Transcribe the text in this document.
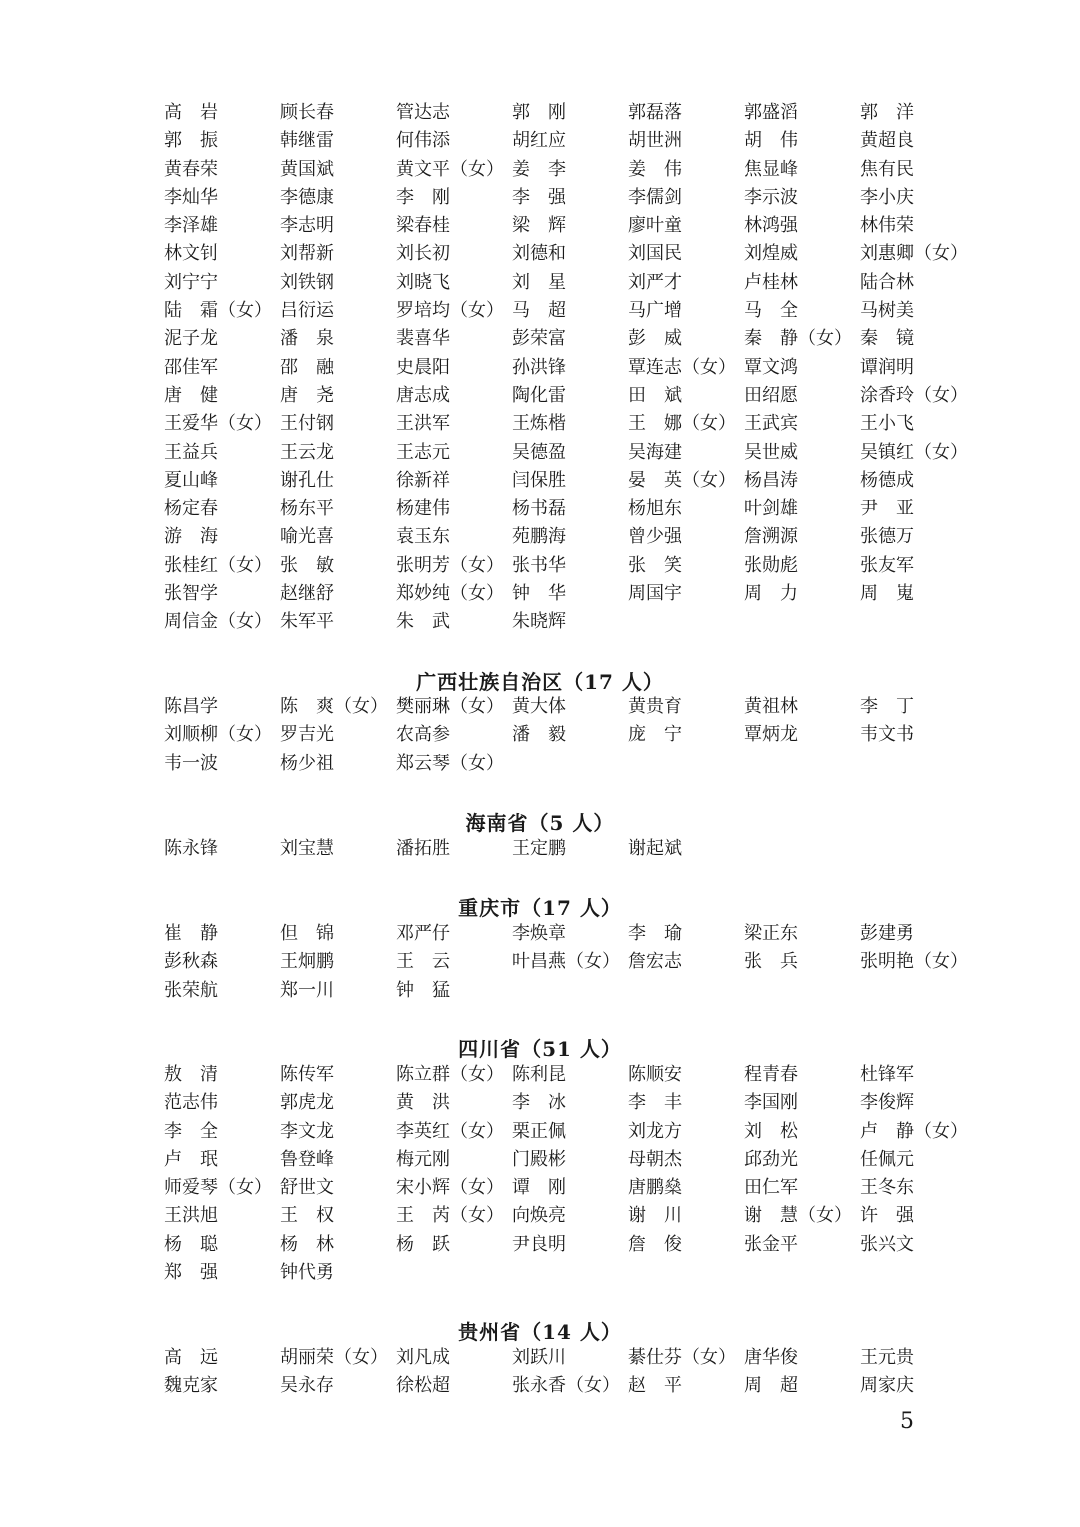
高　岩	顾长春	管达志	郭　刚	郭磊落	郭盛滔	郭　洋
郭　振	韩继雷	何伟添	胡红应	胡世洲	胡　伟	黄超良
黄春荣	黄国斌	黄文平（女） 姜　李	姜　伟	焦显峰	焦有民
李灿华	李德康	李　刚	李　强	李儒剑	李示波	李小庆
李泽雄	李志明	梁春桂	梁　辉	廖叶童	林鸿强	林伟荣
林文钊	刘帮新	刘长初	刘德和	刘国民	刘煌威	刘惠卿（女）
刘宁宁	刘铁钢	刘晓飞	刘　星	刘严才	卢桂林	陆合林
陆　霜（女） 吕衍运	罗培均（女） 马　超	马广增	马　全	马树美
泥子龙	潘　泉	裴喜华	彭荣富	彭　威	秦　静（女） 秦　镜
邵佳军	邵　融	史晨阳	孙洪锋	覃连志（女） 覃文鸿	谭润明
唐　健	唐　尧	唐志成	陶化雷	田　斌	田绍愿	涂香玲（女）
王爱华（女） 王付钢	王洪军	王炼楷	王　娜（女） 王武宾	王小飞
王益兵	王云龙	王志元	吴德盈	吴海建	吴世威	吴镇红（女）
夏山峰	谢孔仕	徐新祥	闫保胜	晏　英（女） 杨昌涛	杨德成
杨定春	杨东平	杨建伟	杨书磊	杨旭东	叶剑雄	尹　亚
游　海	喻光喜	袁玉东	苑鹏海	曾少强	詹溯源	张德万
张桂红（女） 张　敏	张明芳（女） 张书华	张　笑	张勋彪	张友军
张智学	赵继舒	郑妙纯（女） 钟　华	周国宇	周　力	周　嵬
周信金（女） 朱军平	朱　武	朱晓辉
广西壮族自治区（17 人）
陈昌学	陈　爽（女） 樊丽琳（女） 黄大体	黄贵育	黄祖林	李　丁
刘顺柳（女） 罗吉光	农高参	潘　毅	庞　宁	覃炳龙	韦文书
韦一波	杨少祖	郑云琴（女）
海南省（5 人）
陈永锋	刘宝慧	潘拓胜	王定鹏	谢起斌
重庆市（17 人）
崔　静	但　锦	邓严仔	李焕章	李　瑜	梁正东	彭建勇
彭秋森	王炯鹏	王　云	叶昌燕（女） 詹宏志	张　兵	张明艳（女）
张荣航	郑一川	钟　猛
四川省（51 人）
敖　清	陈传军	陈立群（女） 陈利昆	陈顺安	程青春	杜锋军
范志伟	郭虎龙	黄　洪	李　冰	李　丰	李国刚	李俊辉
李　全	李文龙	李英红（女） 栗正佩	刘龙方	刘　松	卢　静（女）
卢　珉	鲁登峰	梅元刚	门殿彬	母朝杰	邱劲光	任佩元
师爱琴（女） 舒世文	宋小辉（女） 谭　刚	唐鹏燊	田仁军	王冬东
王洪旭	王　权	王　芮（女） 向焕亮	谢　川	谢　慧（女） 许　强
杨　聪	杨　林	杨　跃	尹良明	詹　俊	张金平	张兴文
郑　强	钟代勇
贵州省（14 人）
高　远	胡丽荣（女） 刘凡成	刘跃川	綦仕芬（女） 唐华俊	王元贵
魏克家	吴永存	徐松超	张永香（女） 赵　平	周　超	周家庆
5
